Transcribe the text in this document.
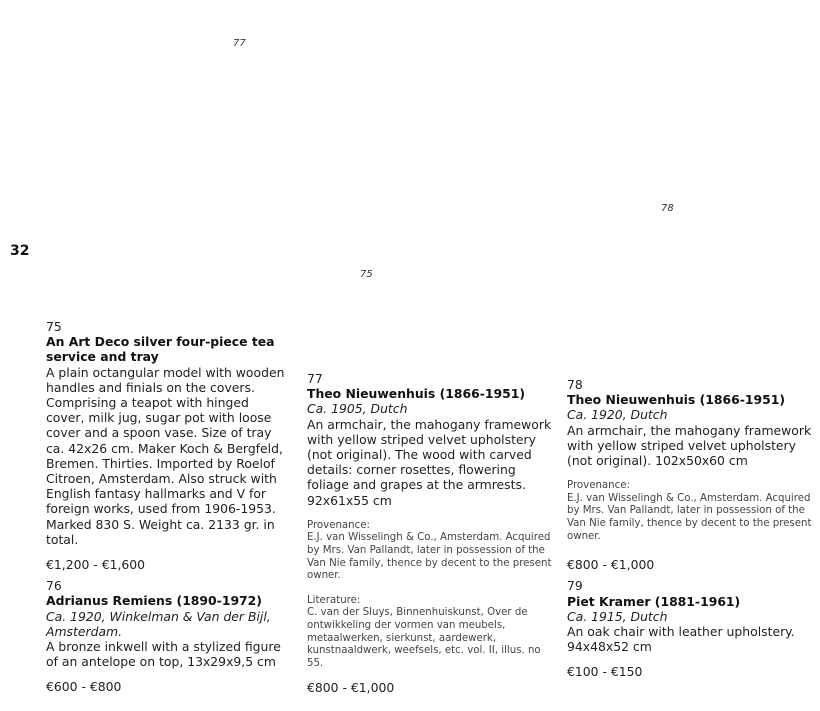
77
78
75
32

75

An Art Deco silver four-piece tea service and tray

A plain octangular model with wooden handles and finials on the covers. Comprising a teapot with hinged cover, milk jug, sugar pot with loose cover and a spoon vase. Size of tray ca. 42x26 cm. Maker Koch & Bergfeld, Bremen. Thirties. Imported by Roelof Citroen, Amsterdam. Also struck with English fantasy hallmarks and V for foreign works, used from 1906-1953. Marked 830 S. Weight ca. 2133 gr. in total.

€1,200 - €1,600

76

Adrianus Remiens (1890-1972)

Ca. 1920, Winkelman & Van der Bijl, Amsterdam.

A bronze inkwell with a stylized figure of an antelope on top, 13x29x9,5 cm

€600 - €800

77

Theo Nieuwenhuis (1866-1951)

Ca. 1905, Dutch

An armchair, the mahogany framework with yellow striped velvet upholstery (not original). The wood with carved details: corner rosettes, flowering foliage and grapes at the armrests. 92x61x55 cm

Provenance:

E.J. van Wisselingh & Co., Amsterdam. Acquired by Mrs. Van Pallandt, later in possession of the Van Nie family, thence by decent to the present owner.

Literature:

C. van der Sluys, Binnenhuiskunst, Over de ontwikkeling der vormen van meubels, metaalwerken, sierkunst, aardewerk, kunstnaaldwerk, weefsels, etc. vol. II, illus. no 55.

€800 - €1,000

78

Theo Nieuwenhuis (1866-1951)

Ca. 1920, Dutch

An armchair, the mahogany framework with yellow striped velvet upholstery (not original). 102x50x60 cm

Provenance:

E.J. van Wisselingh & Co., Amsterdam. Acquired by Mrs. Van Pallandt, later in possession of the Van Nie family, thence by decent to the present owner.

€800 - €1,000

79

Piet Kramer (1881-1961)

Ca. 1915, Dutch

An oak chair with leather upholstery. 94x48x52 cm

€100 - €150
